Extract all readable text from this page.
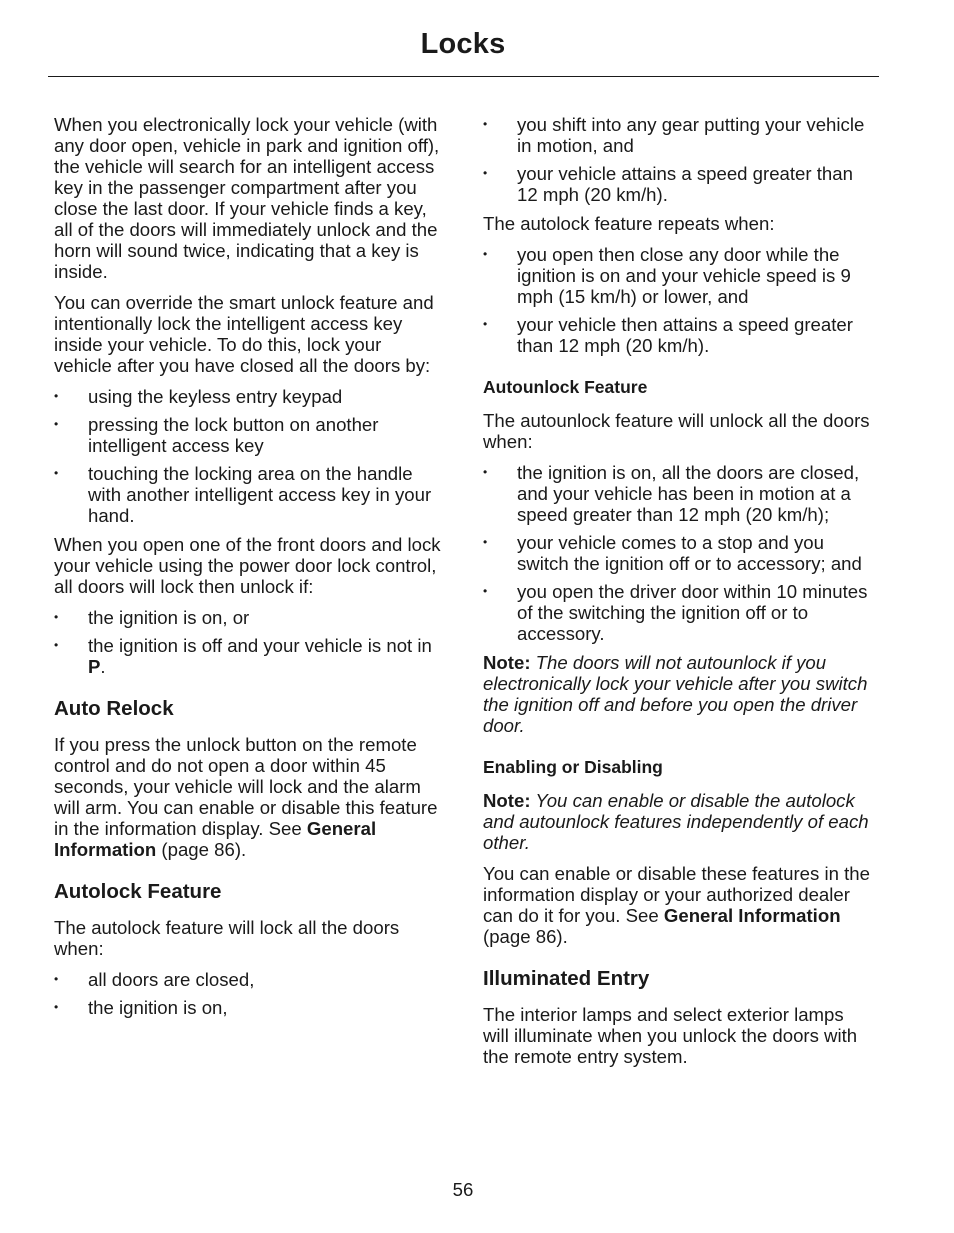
Locks

When you electronically lock your vehicle (with any door open, vehicle in park and ignition off), the vehicle will search for an intelligent access key in the passenger compartment after you close the last door. If your vehicle finds a key, all of the doors will immediately unlock and the horn will sound twice, indicating that a key is inside.

You can override the smart unlock feature and intentionally lock the intelligent access key inside your vehicle. To do this, lock your vehicle after you have closed all the doors by:

• using the keyless entry keypad
• pressing the lock button on another intelligent access key
• touching the locking area on the handle with another intelligent access key in your hand.

When you open one of the front doors and lock your vehicle using the power door lock control, all doors will lock then unlock if:

• the ignition is on, or
• the ignition is off and your vehicle is not in P.
Auto Relock

If you press the unlock button on the remote control and do not open a door within 45 seconds, your vehicle will lock and the alarm will arm. You can enable or disable this feature in the information display. See General Information (page 86).

Autolock Feature

The autolock feature will lock all the doors when:

• all doors are closed,
• the ignition is on,
• you shift into any gear putting your vehicle in motion, and
• your vehicle attains a speed greater than 12 mph (20 km/h).

The autolock feature repeats when:

• you open then close any door while the ignition is on and your vehicle speed is 9 mph (15 km/h) or lower, and
• your vehicle then attains a speed greater than 12 mph (20 km/h).
Autounlock Feature

The autounlock feature will unlock all the doors when:

• the ignition is on, all the doors are closed, and your vehicle has been in motion at a speed greater than 12 mph (20 km/h);
• your vehicle comes to a stop and you switch the ignition off or to accessory; and
• you open the driver door within 10 minutes of the switching the ignition off or to accessory.

Note: The doors will not autounlock if you electronically lock your vehicle after you switch the ignition off and before you open the driver door.

Enabling or Disabling

Note: You can enable or disable the autolock and autounlock features independently of each other.

You can enable or disable these features in the information display or your authorized dealer can do it for you. See General Information (page 86).

Illuminated Entry

The interior lamps and select exterior lamps will illuminate when you unlock the doors with the remote entry system.

56
